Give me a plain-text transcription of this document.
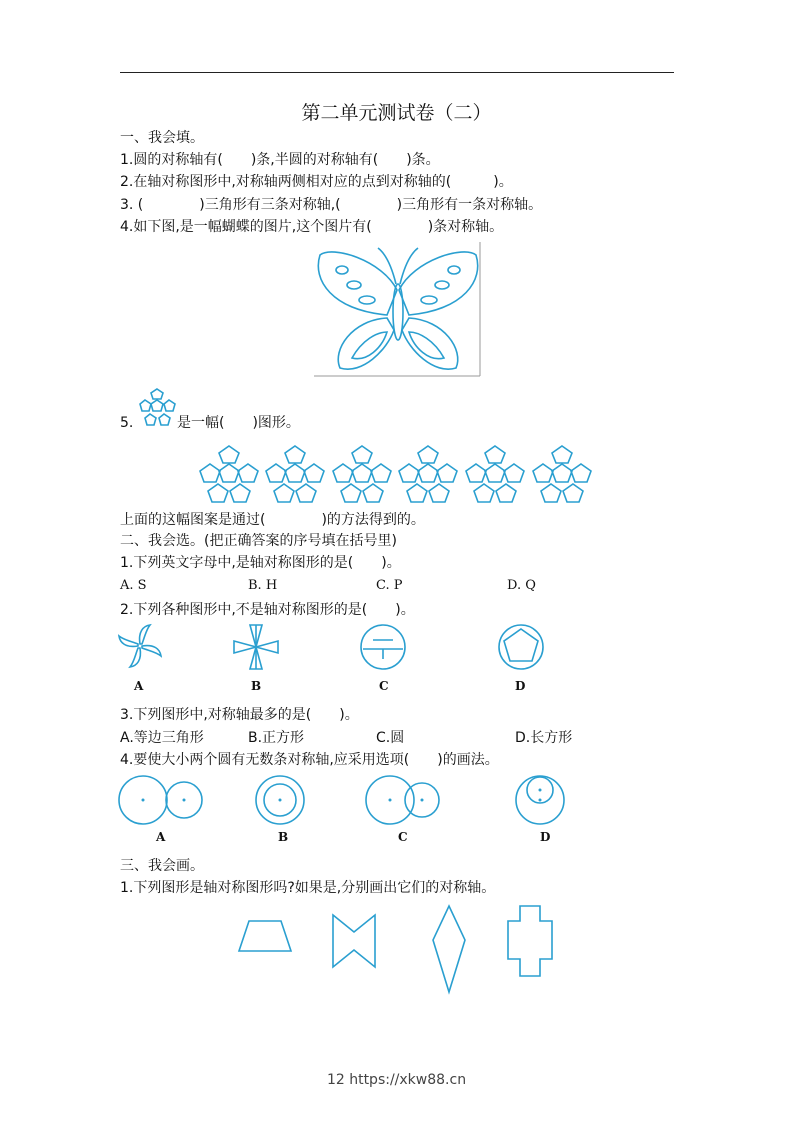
第二单元测试卷（二）
一、我会填。
1.圆的对称轴有(　　)条,半圆的对称轴有(　　)条。
2.在轴对称图形中,对称轴两侧相对应的点到对称轴的(　　　)。
3. (　　　　)三角形有三条对称轴,(　　　　)三角形有一条对称轴。
4.如下图,是一幅蝴蝶的图片,这个图片有(　　　　)条对称轴。
5.	是一幅(　　)图形。
上面的这幅图案是通过(　　　　)的方法得到的。
二、我会选。(把正确答案的序号填在括号里)
1.下列英文字母中,是轴对称图形的是(　　)。
A. S	B. H	C. P	D. Q
2.下列各种图形中,不是轴对称图形的是(　　)。
A	B	C	D
3.下列图形中,对称轴最多的是(　　)。
A.等边三角形	B.正方形	C.圆	D.长方形
4.要使大小两个圆有无数条对称轴,应采用选项(　　)的画法。
A	B	C	D
三、我会画。
1.下列图形是轴对称图形吗?如果是,分别画出它们的对称轴。
12 https://xkw88.cn
